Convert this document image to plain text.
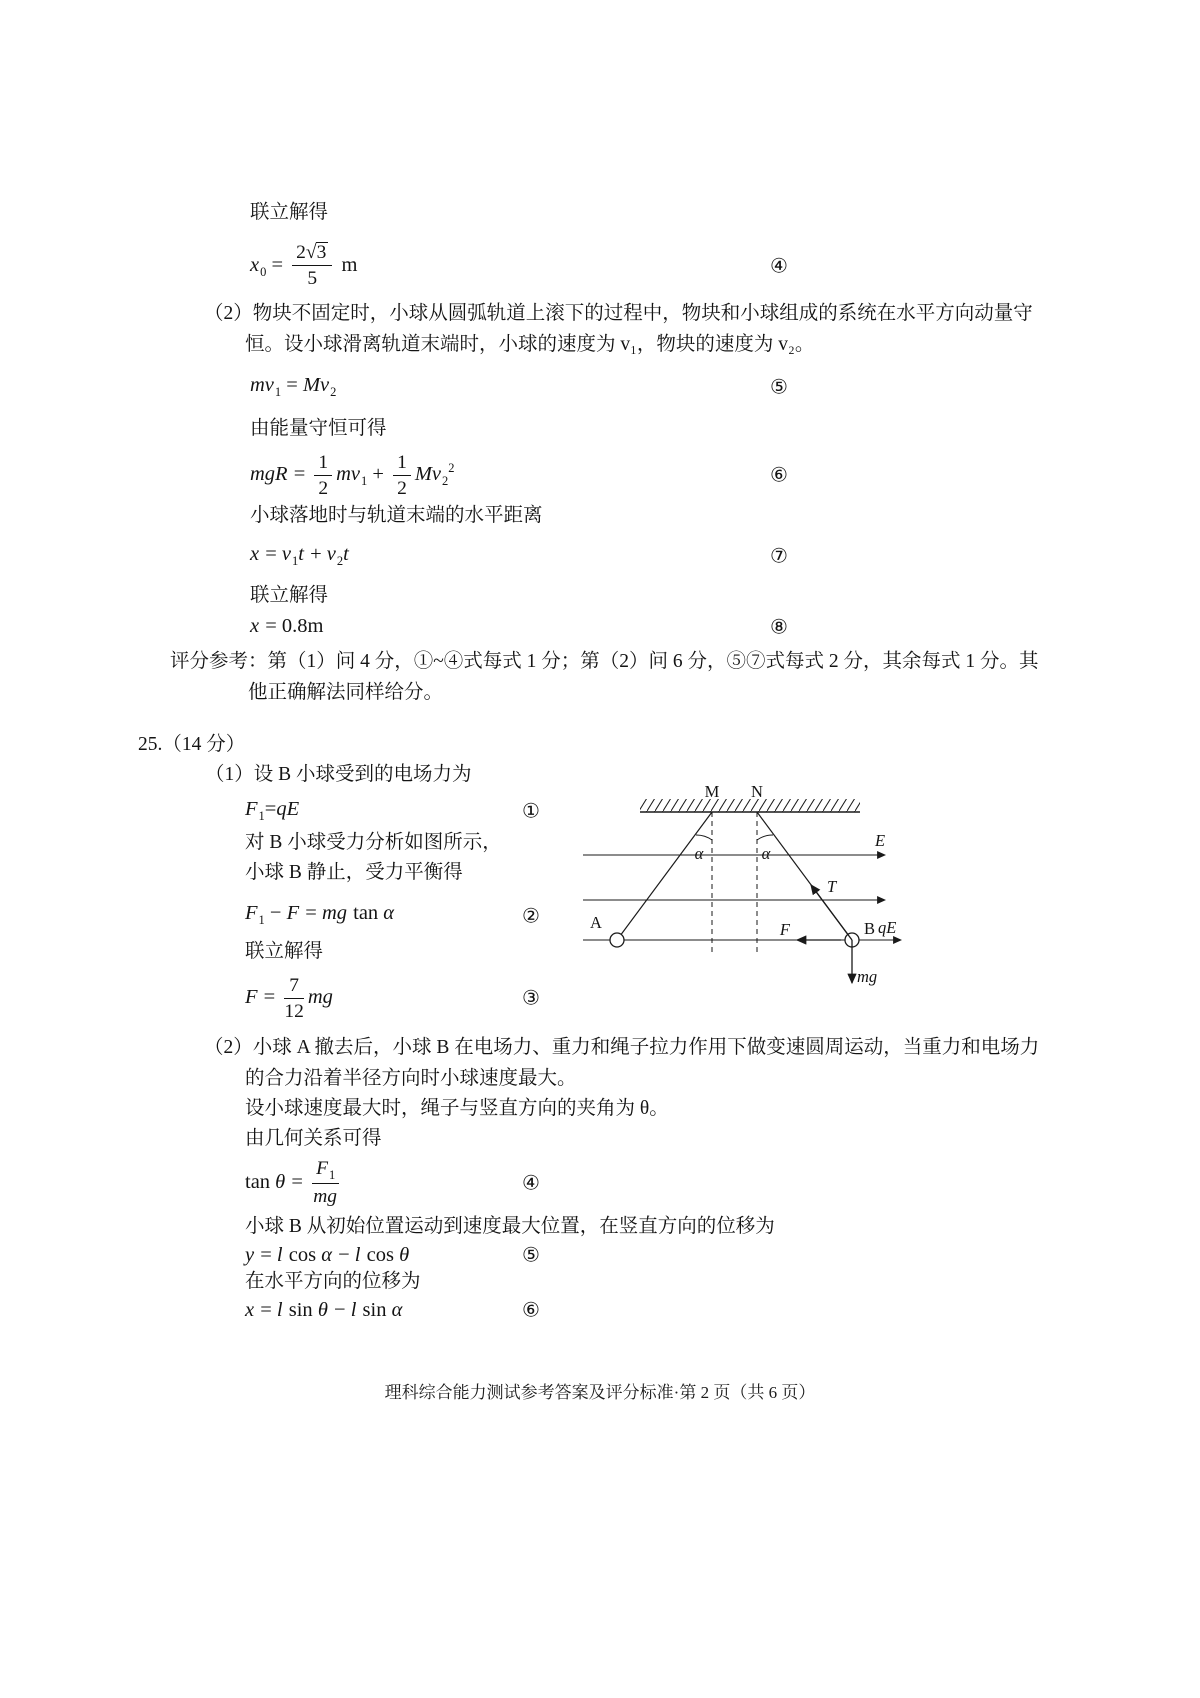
联立解得

$x_0 = \frac{2√3}{5}$ m	④

（2）物块不固定时，小球从圆弧轨道上滚下的过程中，物块和小球组成的系统在水平方向动量守恒。设小球滑离轨道末端时，小球的速度为 v₁，物块的速度为 v₂。

$mv_1 = Mv_2$	⑤

由能量守恒可得

mgR = $\frac{1}{2} mv_1 + \frac{1}{2} Mv_2^2$	⑥

小球落地时与轨道末端的水平距离

$x = v_1t + v_2t$	⑦

联立解得

x = 0.8m	⑧

评分参考：第（1）问 4 分，①~④式每式 1 分；第（2）问 6 分，⑤⑦式每式 2 分，其余每式 1 分。其他正确解法同样给分。

25.（14 分）

（1）设 B 小球受到的电场力为

$F_1=qE$	①

对 B 小球受力分析如图所示，

小球 B 静止，受力平衡得

$F_1 - F$ = mg tan α	②

联立解得

$F = \frac{7}{12}$ mg	③
M N
A	B
E
T
F	qE
mg
α	α

（2）小球 A 撤去后，小球 B 在电场力、重力和绳子拉力作用下做变速圆周运动，当重力和电场力的合力沿着半径方向时小球速度最大。

设小球速度最大时，绳子与竖直方向的夹角为 θ。

由几何关系可得

$\tan \theta = \frac{F_1}{mg}$	④

小球 B 从初始位置运动到速度最大位置，在竖直方向的位移为

y = l cos α − l cos θ	⑤

在水平方向的位移为

x = l sin θ − l sin α	⑥
理科综合能力测试参考答案及评分标准·第 2 页（共 6 页）
